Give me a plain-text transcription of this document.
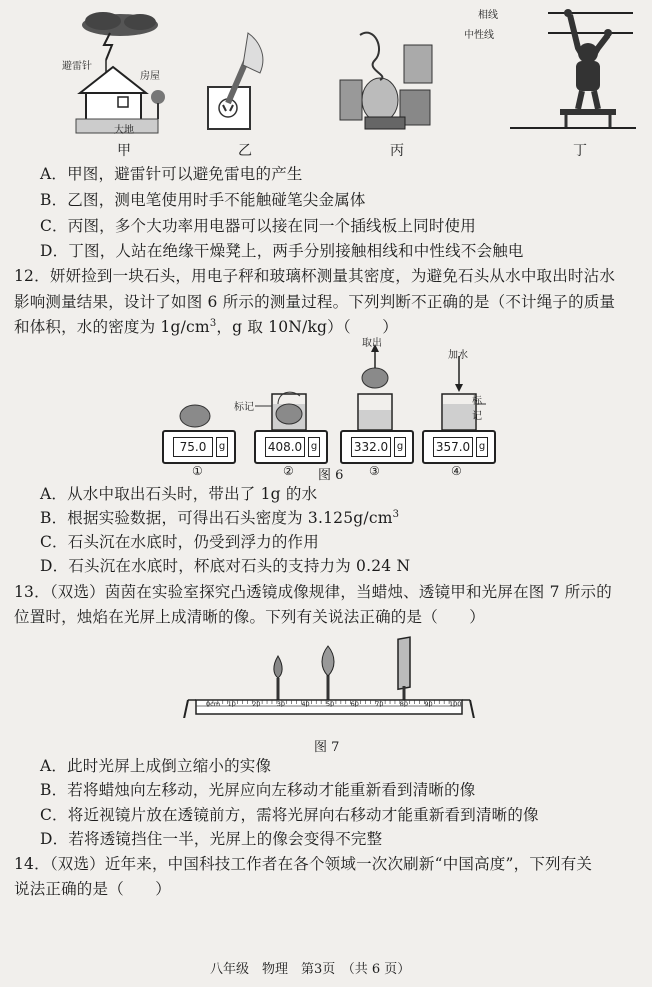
避雷针
房屋
大地
相线
中性线
甲	乙	丙	丁
A．甲图，避雷针可以避免雷电的产生
B．乙图，测电笔使用时手不能触碰笔尖金属体
C．丙图，多个大功率用电器可以接在同一个插线板上同时使用
D．丁图，人站在绝缘干燥凳上，两手分别接触相线和中性线不会触电
12．妍妍捡到一块石头，用电子秤和玻璃杯测量其密度，为避免石头从水中取出时沾水
影响测量结果，设计了如图 6 所示的测量过程。下列判断不正确的是（不计绳子的质量
和体积，水的密度为 $1g/cm^3$，g 取 10N/kg）（　　）
标记
取出
加水
标记
75.0	g	408.0 g	332.0 g	357.0 g
①	②	③	④
图 6
A．从水中取出石头时，带出了 1g 的水
B．根据实验数据，可得出石头密度为 $3.125g/cm^3$
C．石头沉在水底时，仍受到浮力的作用
D．石头沉在水底时，杯底对石头的支持力为 0.24 N
13．（双选）茵茵在实验室探究凸透镜成像规律，当蜡烛、透镜甲和光屏在图 7 所示的
位置时，烛焰在光屏上成清晰的像。下列有关说法正确的是（　　）
0cm 10	20	30	40	50	60	70	80	90	100
图 7
A．此时光屏上成倒立缩小的实像
B．若将蜡烛向左移动，光屏应向左移动才能重新看到清晰的像
C．将近视镜片放在透镜前方，需将光屏向右移动才能重新看到清晰的像
D．若将透镜挡住一半，光屏上的像会变得不完整
14．（双选）近年来，中国科技工作者在各个领域一次次刷新“中国高度”，下列有关
说法正确的是（　　）
八年级　物理　第3页　（共 6 页）
